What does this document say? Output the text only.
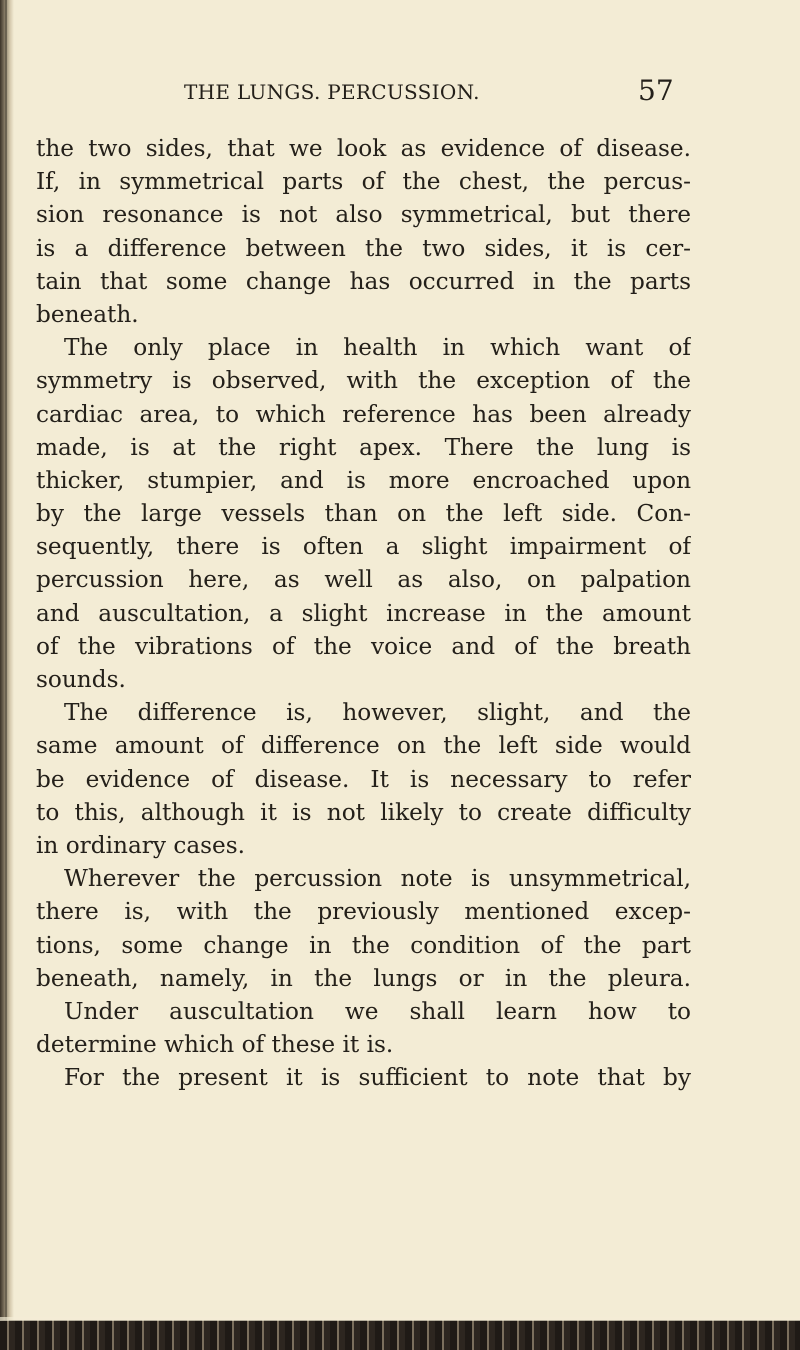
THE LUNGS. PERCUSSION.	57
the two sides, that we look as evidence of disease.
If, in symmetrical parts of the chest, the percus-
sion resonance is not also symmetrical, but there
is a difference between the two sides, it is cer-
tain that some change has occurred in the parts
beneath.
The only place in health in which want of
symmetry is observed, with the exception of the
cardiac area, to which reference has been already
made, is at the right apex. There the lung is
thicker, stumpier, and is more encroached upon
by the large vessels than on the left side. Con-
sequently, there is often a slight impairment of
percussion here, as well as also, on palpation
and auscultation, a slight increase in the amount
of the vibrations of the voice and of the breath
sounds.
The difference is, however, slight, and the
same amount of difference on the left side would
be evidence of disease. It is necessary to refer
to this, although it is not likely to create difficulty
in ordinary cases.
Wherever the percussion note is unsymmetrical,
there is, with the previously mentioned excep-
tions, some change in the condition of the part
beneath, namely, in the lungs or in the pleura.
Under auscultation we shall learn how to
determine which of these it is.
For the present it is sufficient to note that by
